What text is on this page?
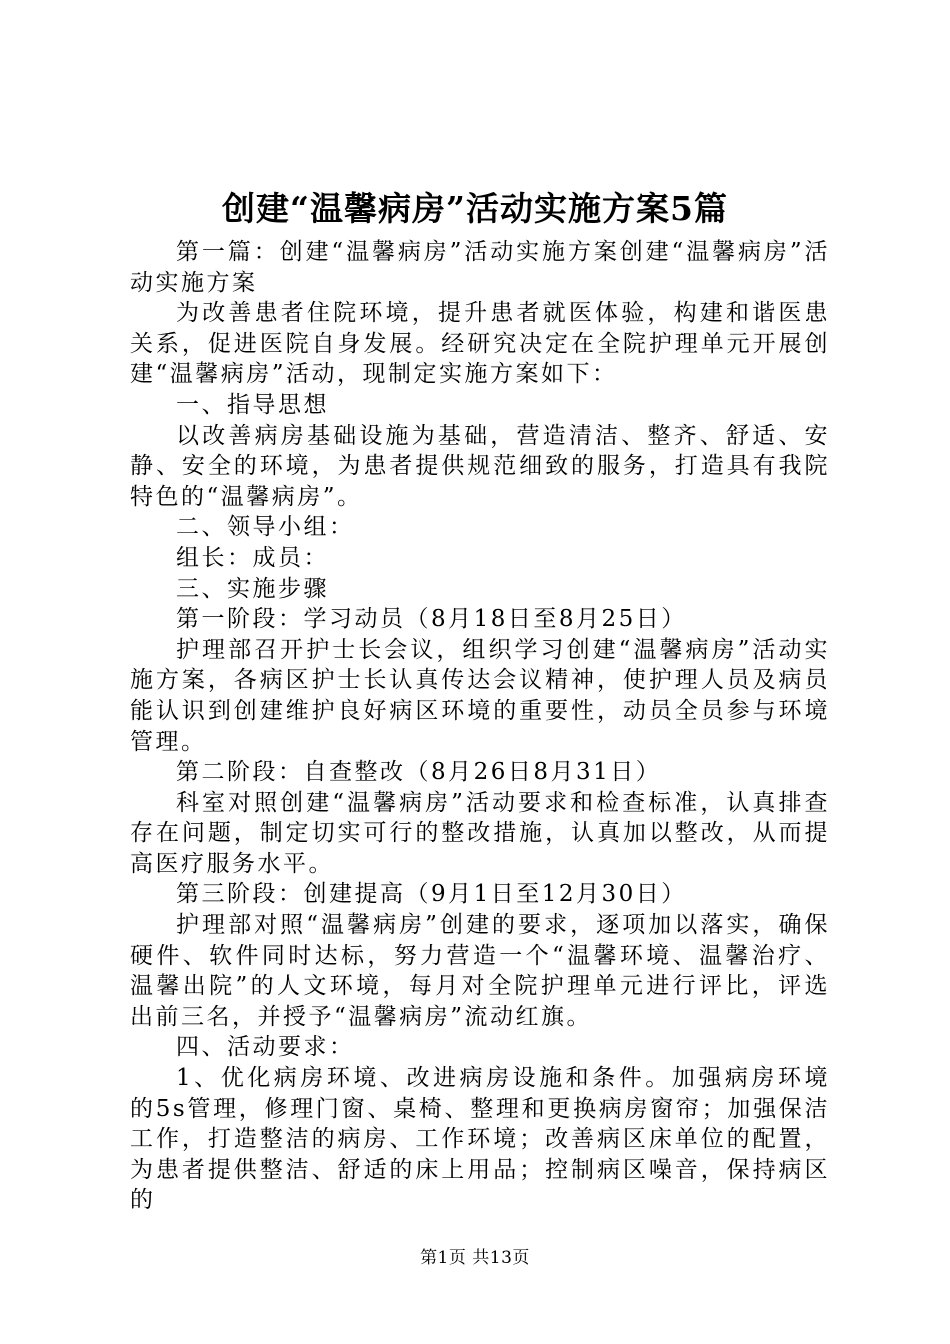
创建“温馨病房”活动实施方案5篇

第一篇：创建“温馨病房”活动实施方案创建“温馨病房”活动实施方案

为改善患者住院环境，提升患者就医体验，构建和谐医患关系，促进医院自身发展。经研究决定在全院护理单元开展创建“温馨病房”活动，现制定实施方案如下：

一、指导思想

以改善病房基础设施为基础，营造清洁、整齐、舒适、安静、安全的环境，为患者提供规范细致的服务，打造具有我院特色的“温馨病房”。

二、领导小组：

组长：成员：

三、实施步骤

第一阶段：学习动员（8月18日至8月25日）

护理部召开护士长会议，组织学习创建“温馨病房”活动实施方案，各病区护士长认真传达会议精神，使护理人员及病员能认识到创建维护良好病区环境的重要性，动员全员参与环境管理。

第二阶段：自查整改（8月26日8月31日）

科室对照创建“温馨病房”活动要求和检查标准，认真排查存在问题，制定切实可行的整改措施，认真加以整改，从而提高医疗服务水平。

第三阶段：创建提高（9月1日至12月30日）

护理部对照“温馨病房”创建的要求，逐项加以落实，确保硬件、软件同时达标，努力营造一个“温馨环境、温馨治疗、温馨出院”的人文环境，每月对全院护理单元进行评比，评选出前三名，并授予“温馨病房”流动红旗。

四、活动要求：

1、优化病房环境、改进病房设施和条件。加强病房环境的5s管理，修理门窗、桌椅、整理和更换病房窗帘；加强保洁工作，打造整洁的病房、工作环境；改善病区床单位的配置，为患者提供整洁、舒适的床上用品；控制病区噪音，保持病区的

第1页 共13页
